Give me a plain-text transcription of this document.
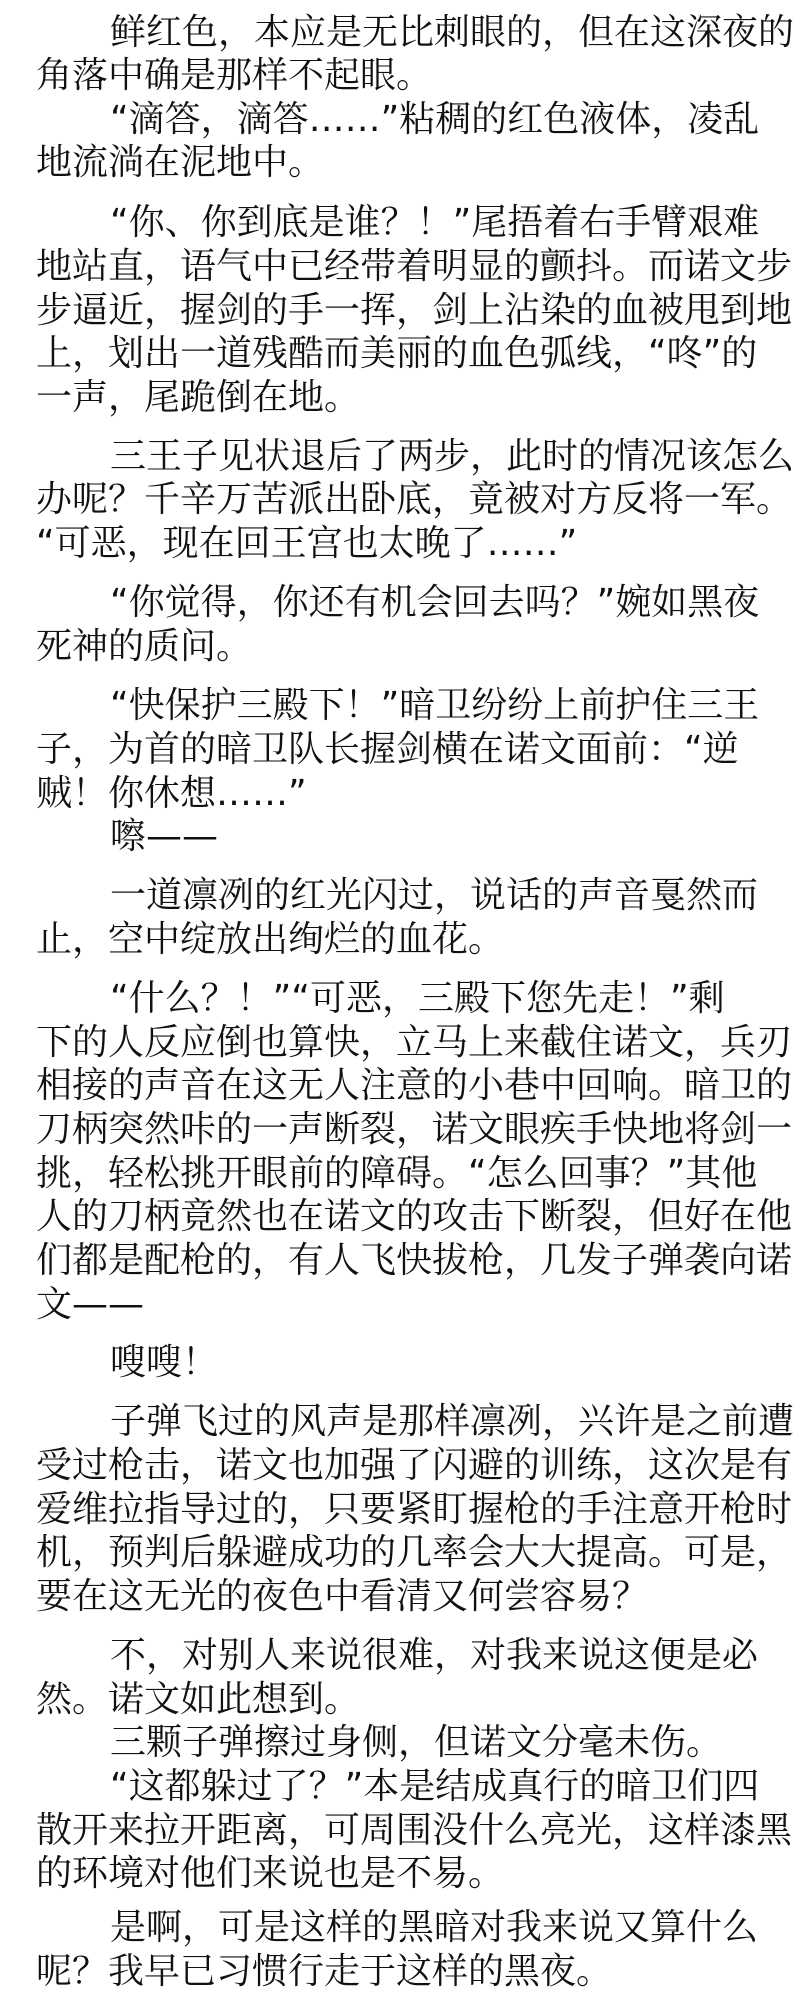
鲜红色，本应是无比刺眼的，但在这深夜的
角落中确是那样不起眼。
“滴答，滴答……”粘稠的红色液体，凌乱
地流淌在泥地中。
“你、你到底是谁？！”尾捂着右手臂艰难
地站直，语气中已经带着明显的颤抖。而诺文步
步逼近，握剑的手一挥，剑上沾染的血被甩到地
上，划出一道残酷而美丽的血色弧线，“咚”的
一声，尾跪倒在地。
三王子见状退后了两步，此时的情况该怎么
办呢？千辛万苦派出卧底，竟被对方反将一军。
“可恶，现在回王宫也太晚了……”
“你觉得，你还有机会回去吗？”婉如黑夜
死神的质问。
“快保护三殿下！”暗卫纷纷上前护住三王
子，为首的暗卫队长握剑横在诺文面前：“逆
贼！你休想……”
嚓——
一道凛冽的红光闪过，说话的声音戛然而
止，空中绽放出绚烂的血花。
“什么？！”“可恶，三殿下您先走！”剩
下的人反应倒也算快，立马上来截住诺文，兵刃
相接的声音在这无人注意的小巷中回响。暗卫的
刀柄突然咔的一声断裂，诺文眼疾手快地将剑一
挑，轻松挑开眼前的障碍。“怎么回事？”其他
人的刀柄竟然也在诺文的攻击下断裂，但好在他
们都是配枪的，有人飞快拔枪，几发子弹袭向诺
文——
嗖嗖！
子弹飞过的风声是那样凛冽，兴许是之前遭
受过枪击，诺文也加强了闪避的训练，这次是有
爱维拉指导过的，只要紧盯握枪的手注意开枪时
机，预判后躲避成功的几率会大大提高。可是，
要在这无光的夜色中看清又何尝容易？
不，对别人来说很难，对我来说这便是必
然。诺文如此想到。
三颗子弹擦过身侧，但诺文分毫未伤。
“这都躲过了？”本是结成真行的暗卫们四
散开来拉开距离，可周围没什么亮光，这样漆黑
的环境对他们来说也是不易。
是啊，可是这样的黑暗对我来说又算什么
呢？我早已习惯行走于这样的黑夜。
